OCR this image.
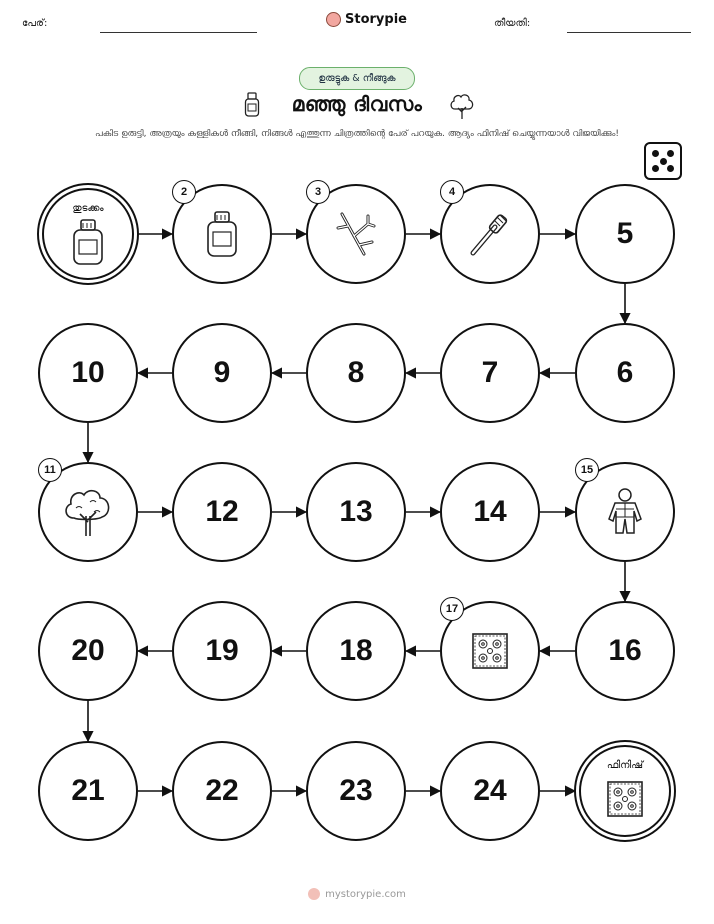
പേര്:	Storypie	തീയതി:
ഉരുട്ടുക & നീങ്ങുക
മഞ്ഞു ദിവസം
പകിട ഉരുട്ടി, അത്രയും കള്ളികൾ നീങ്ങി, നിങ്ങൾ എത്തുന്ന ചിത്രത്തിന്റെ പേര് പറയുക. ആദ്യം ഫിനിഷ് ചെയ്യുന്നയാൾ വിജയിക്കും!
തുടക്കം
2	3	4
5
6
7
8
9
10
11
12	13	14
15
16
17
18
19
20
21	22	23	24
ഫിനിഷ്
mystorypie.com
